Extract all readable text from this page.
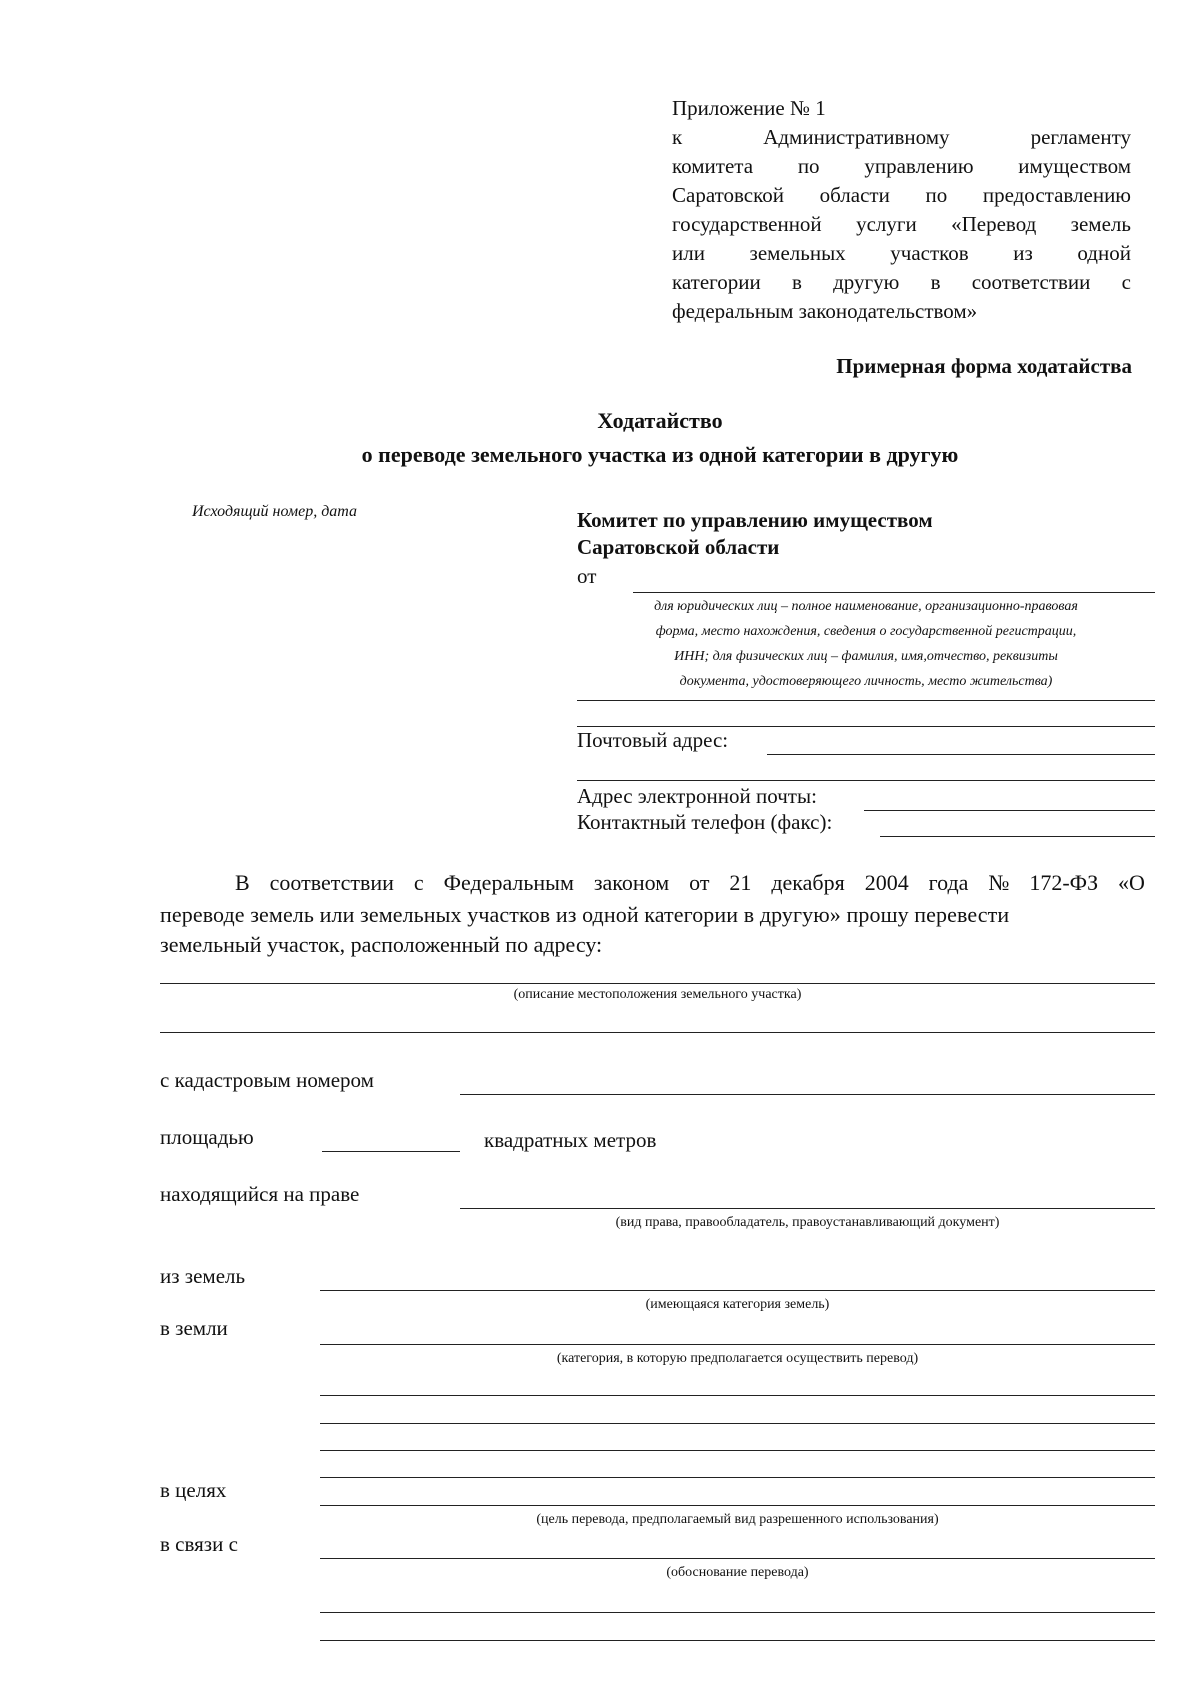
Приложение № 1
к	Административному	регламенту
комитета по управлению имуществом
Саратовской области по предоставлению
государственной услуги «Перевод земель
или земельных участков из одной
категории в другую в соответствии с
федеральным законодательством»
Примерная форма ходатайства
Ходатайство
о переводе земельного участка из одной категории в другую
Исходящий номер, дата	Комитет по управлению имуществом
Саратовской области
от
для юридических лиц – полное наименование, организационно-правовая
форма, место нахождения, сведения о государственной регистрации,
ИНН; для физических лиц – фамилия, имя,отчество, реквизиты
документа, удостоверяющего личность, место жительства)
Почтовый адрес:
Адрес электронной почты:
Контактный телефон (факс):
В соответствии с Федеральным законом от 21 декабря 2004 года № 172-ФЗ «О
переводе земель или земельных участков из одной категории в другую» прошу перевести
земельный участок, расположенный по адресу:
(описание местоположения земельного участка)
с кадастровым номером
площадью	квадратных метров
находящийся на праве
(вид права, правообладатель, правоустанавливающий документ)
из земель
(имеющаяся категория земель)
в земли
(категория, в которую предполагается осуществить перевод)
в целях
(цель перевода, предполагаемый вид разрешенного использования)
в связи с
(обоснование перевода)
